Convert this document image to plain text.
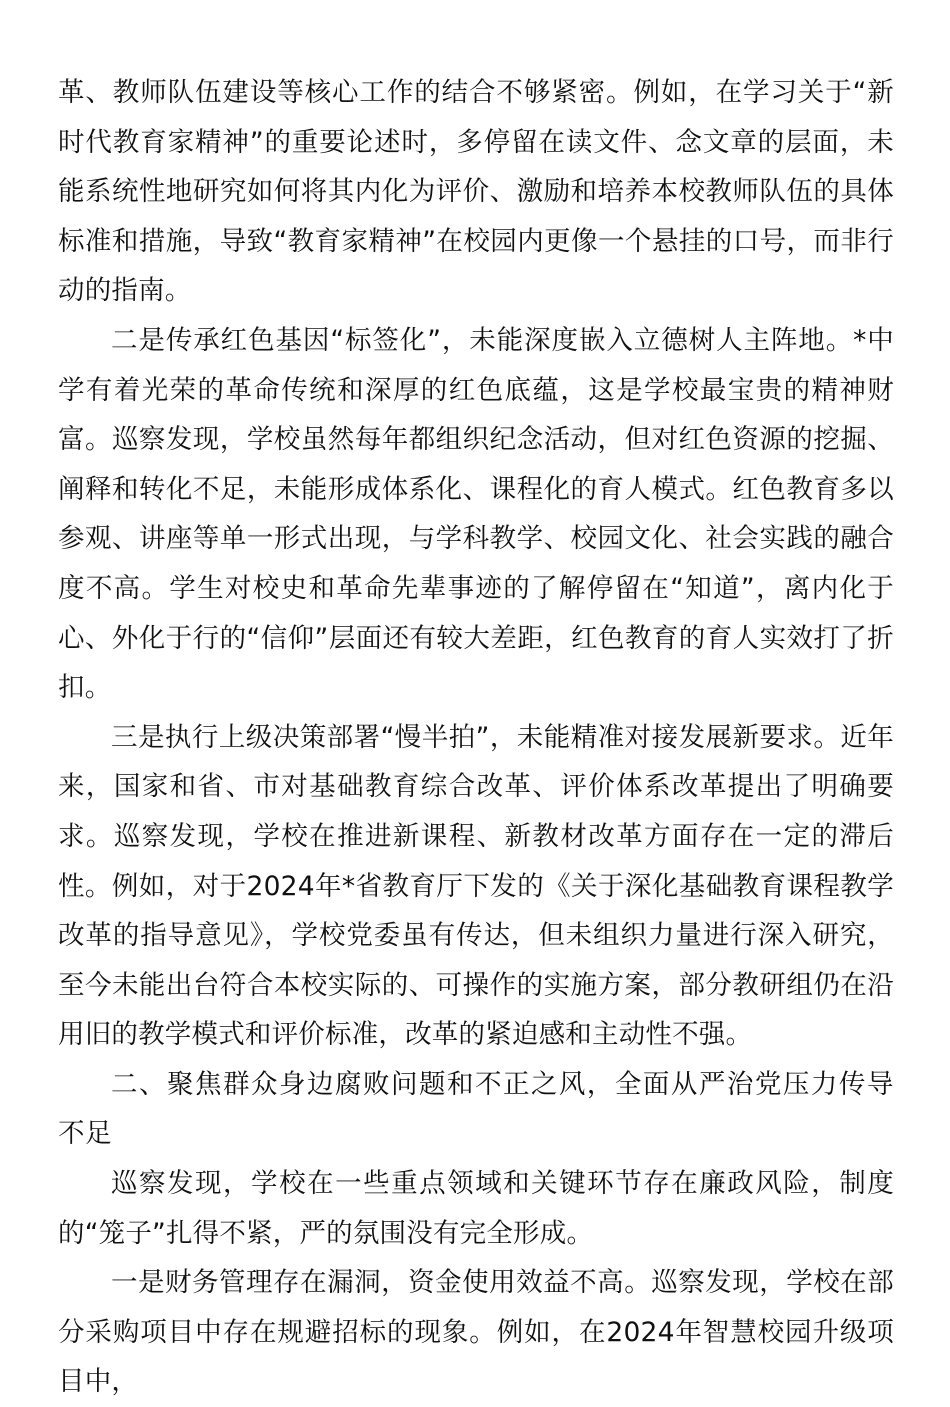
革、教师队伍建设等核心工作的结合不够紧密。例如，在学习关于“新时代教育家精神”的重要论述时，多停留在读文件、念文章的层面，未能系统性地研究如何将其内化为评价、激励和培养本校教师队伍的具体标准和措施，导致“教育家精神”在校园内更像一个悬挂的口号，而非行动的指南。

二是传承红色基因“标签化”，未能深度嵌入立德树人主阵地。*中学有着光荣的革命传统和深厚的红色底蕴，这是学校最宝贵的精神财富。巡察发现，学校虽然每年都组织纪念活动，但对红色资源的挖掘、阐释和转化不足，未能形成体系化、课程化的育人模式。红色教育多以参观、讲座等单一形式出现，与学科教学、校园文化、社会实践的融合度不高。学生对校史和革命先辈事迹的了解停留在“知道”，离内化于心、外化于行的“信仰”层面还有较大差距，红色教育的育人实效打了折扣。

三是执行上级决策部署“慢半拍”，未能精准对接发展新要求。近年来，国家和省、市对基础教育综合改革、评价体系改革提出了明确要求。巡察发现，学校在推进新课程、新教材改革方面存在一定的滞后性。例如，对于2024年*省教育厅下发的《关于深化基础教育课程教学改革的指导意见》，学校党委虽有传达，但未组织力量进行深入研究，至今未能出台符合本校实际的、可操作的实施方案，部分教研组仍在沿用旧的教学模式和评价标准，改革的紧迫感和主动性不强。

二、聚焦群众身边腐败问题和不正之风，全面从严治党压力传导不足

巡察发现，学校在一些重点领域和关键环节存在廉政风险，制度的“笼子”扎得不紧，严的氛围没有完全形成。

一是财务管理存在漏洞，资金使用效益不高。巡察发现，学校在部分采购项目中存在规避招标的现象。例如，在2024年智慧校园升级项目中，
